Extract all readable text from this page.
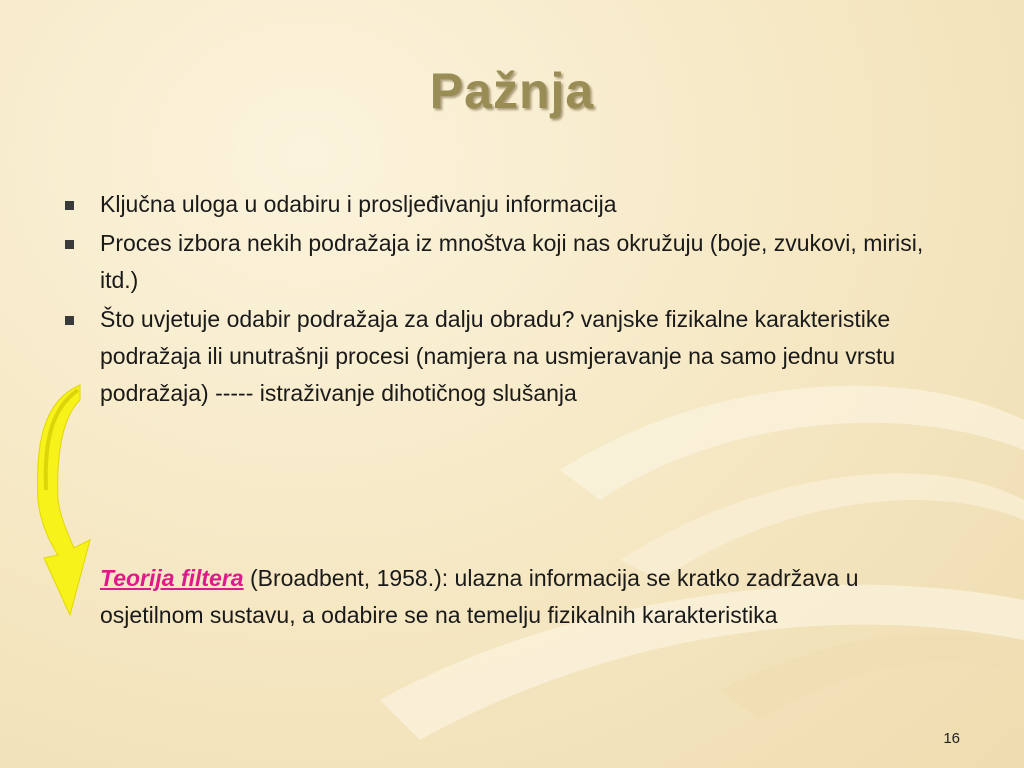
Pažnja
Ključna uloga u odabiru i prosljeđivanju informacija
Proces izbora nekih podražaja iz mnoštva koji nas okružuju (boje, zvukovi, mirisi, itd.)
Što uvjetuje odabir podražaja za dalju obradu? vanjske fizikalne karakteristike podražaja ili unutrašnji procesi (namjera na usmjeravanje na samo jednu vrstu podražaja) ----- istraživanje dihotičnog slušanja
Teorija filtera (Broadbent, 1958.): ulazna informacija se kratko zadržava u osjetilnom sustavu, a odabire se na temelju fizikalnih karakteristika
16
